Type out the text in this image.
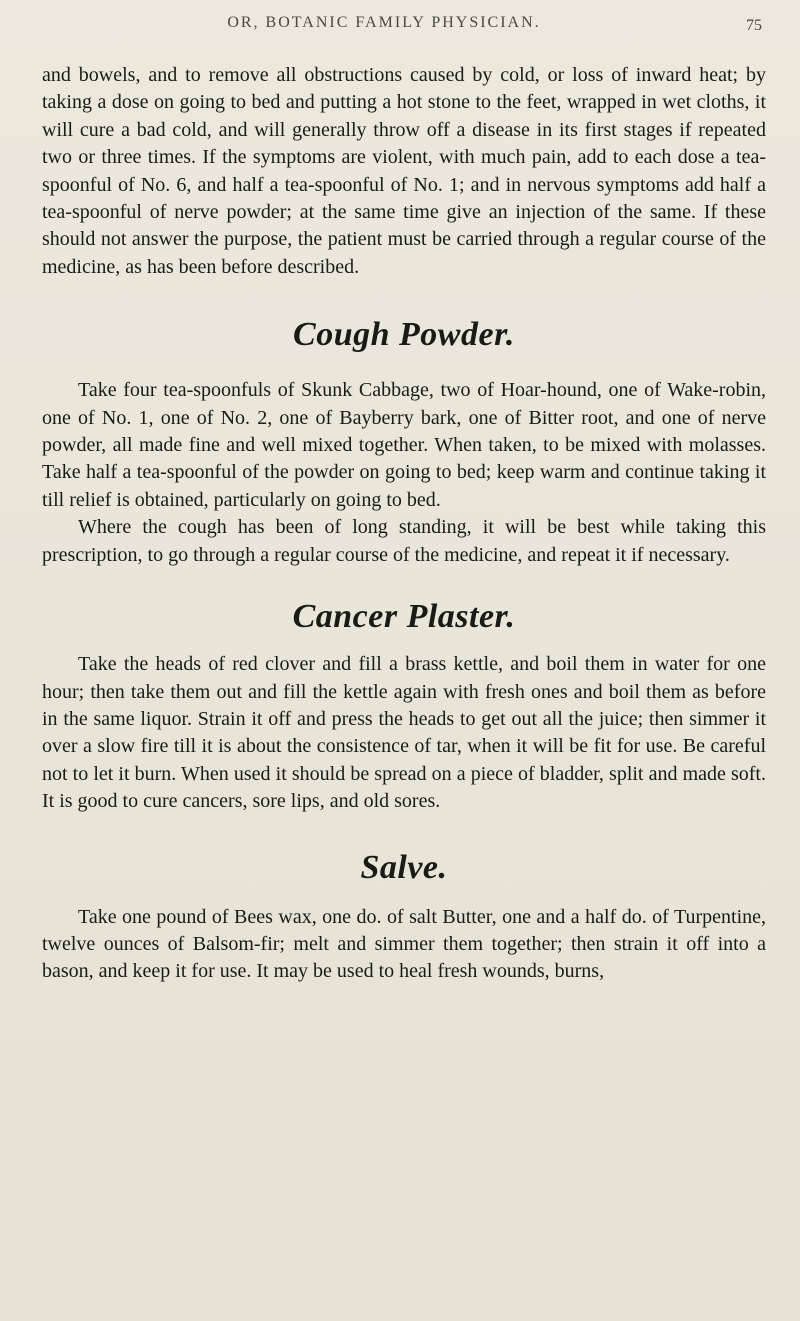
OR, BOTANIC FAMILY PHYSICIAN.	75

and bowels, and to remove all obstructions caused by cold, or loss of inward heat; by taking a dose on going to bed and putting a hot stone to the feet, wrapped in wet cloths, it will cure a bad cold, and will generally throw off a disease in its first stages if repeated two or three times. If the symptoms are violent, with much pain, add to each dose a tea-spoonful of No. 6, and half a tea-spoonful of No. 1; and in nervous symptoms add half a tea-spoonful of nerve powder; at the same time give an injection of the same. If these should not answer the purpose, the patient must be carried through a regular course of the medicine, as has been before described.

Cough Powder.

Take four tea-spoonfuls of Skunk Cabbage, two of Hoar-hound, one of Wake-robin, one of No. 1, one of No. 2, one of Bayberry bark, one of Bitter root, and one of nerve powder, all made fine and well mixed together. When taken, to be mixed with molasses. Take half a tea-spoonful of the powder on going to bed; keep warm and continue taking it till relief is obtained, particularly on going to bed.

Where the cough has been of long standing, it will be best while taking this prescription, to go through a regular course of the medicine, and repeat it if necessary.

Cancer Plaster.

Take the heads of red clover and fill a brass kettle, and boil them in water for one hour; then take them out and fill the kettle again with fresh ones and boil them as before in the same liquor. Strain it off and press the heads to get out all the juice; then simmer it over a slow fire till it is about the consistence of tar, when it will be fit for use. Be careful not to let it burn. When used it should be spread on a piece of bladder, split and made soft. It is good to cure cancers, sore lips, and old sores.

Salve.

Take one pound of Bees wax, one do. of salt Butter, one and a half do. of Turpentine, twelve ounces of Balsom-fir; melt and simmer them together; then strain it off into a bason, and keep it for use. It may be used to heal fresh wounds, burns,
